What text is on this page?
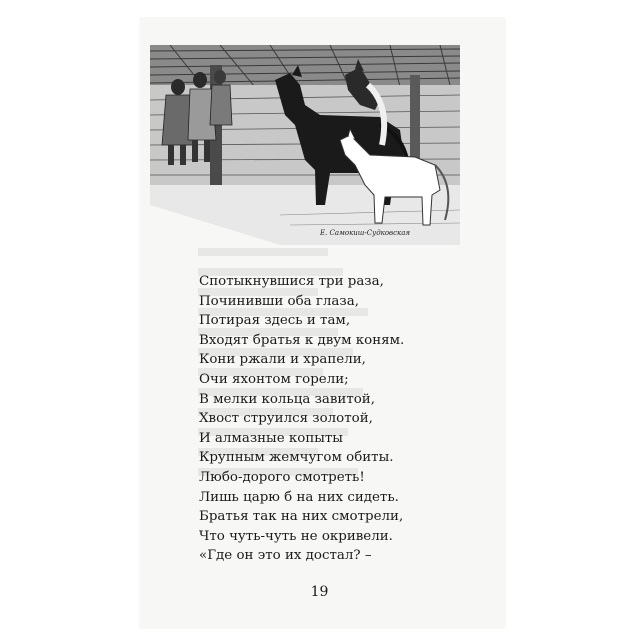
Е. Самокиш-Судковская
Спотыкнувшися три раза,
Починивши оба глаза,
Потирая здесь и там,
Входят братья к двум коням.
Кони ржали и храпели,
Очи яхонтом горели;
В мелки кольца завитой,
Хвост струился золотой,
И алмазные копыты
Крупным жемчугом обиты.
Любо-дорого смотреть!
Лишь царю б на них сидеть.
Братья так на них смотрели,
Что чуть-чуть не окривели.
«Где он это их достал? –
19
